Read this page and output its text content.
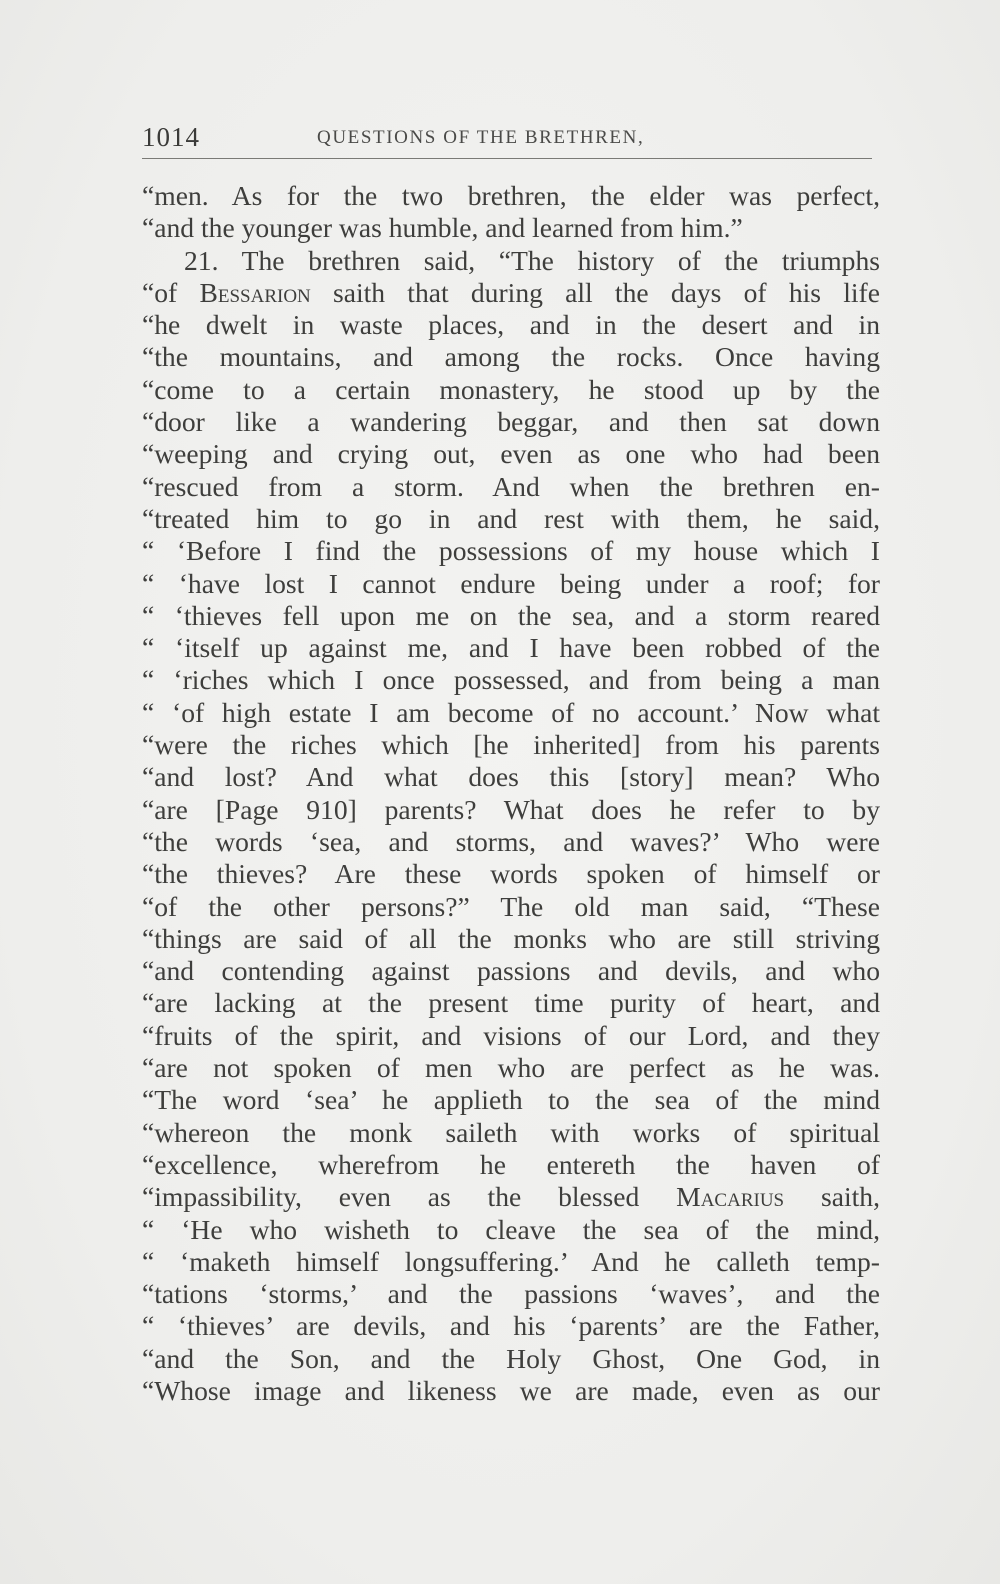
1014	QUESTIONS OF THE BRETHREN,
“men. As for the two brethren, the elder was perfect,
“and the younger was humble, and learned from him.”
21. The brethren said, “The history of the triumphs
“of Bessarion saith that during all the days of his life
“he dwelt in waste places, and in the desert and in
“the mountains, and among the rocks. Once having
“come to a certain monastery, he stood up by the
“door like a wandering beggar, and then sat down
“weeping and crying out, even as one who had been
“rescued from a storm. And when the brethren en-
“treated him to go in and rest with them, he said,
“ ‘Before I find the possessions of my house which I
“ ‘have lost I cannot endure being under a roof; for
“ ‘thieves fell upon me on the sea, and a storm reared
“ ‘itself up against me, and I have been robbed of the
“ ‘riches which I once possessed, and from being a man
“ ‘of high estate I am become of no account.’ Now what
“were the riches which [he inherited] from his parents
“and lost? And what does this [story] mean? Who
“are [Page 910] parents? What does he refer to by
“the words ‘sea, and storms, and waves?’ Who were
“the thieves? Are these words spoken of himself or
“of the other persons?” The old man said, “These
“things are said of all the monks who are still striving
“and contending against passions and devils, and who
“are lacking at the present time purity of heart, and
“fruits of the spirit, and visions of our Lord, and they
“are not spoken of men who are perfect as he was.
“The word ‘sea’ he applieth to the sea of the mind
“whereon the monk saileth with works of spiritual
“excellence, wherefrom he entereth the haven of
“impassibility, even as the blessed Macarius saith,
“ ‘He who wisheth to cleave the sea of the mind,
“ ‘maketh himself longsuffering.’ And he calleth temp-
“tations ‘storms,’ and the passions ‘waves’, and the
“ ‘thieves’ are devils, and his ‘parents’ are the Father,
“and the Son, and the Holy Ghost, One God, in
“Whose image and likeness we are made, even as our
